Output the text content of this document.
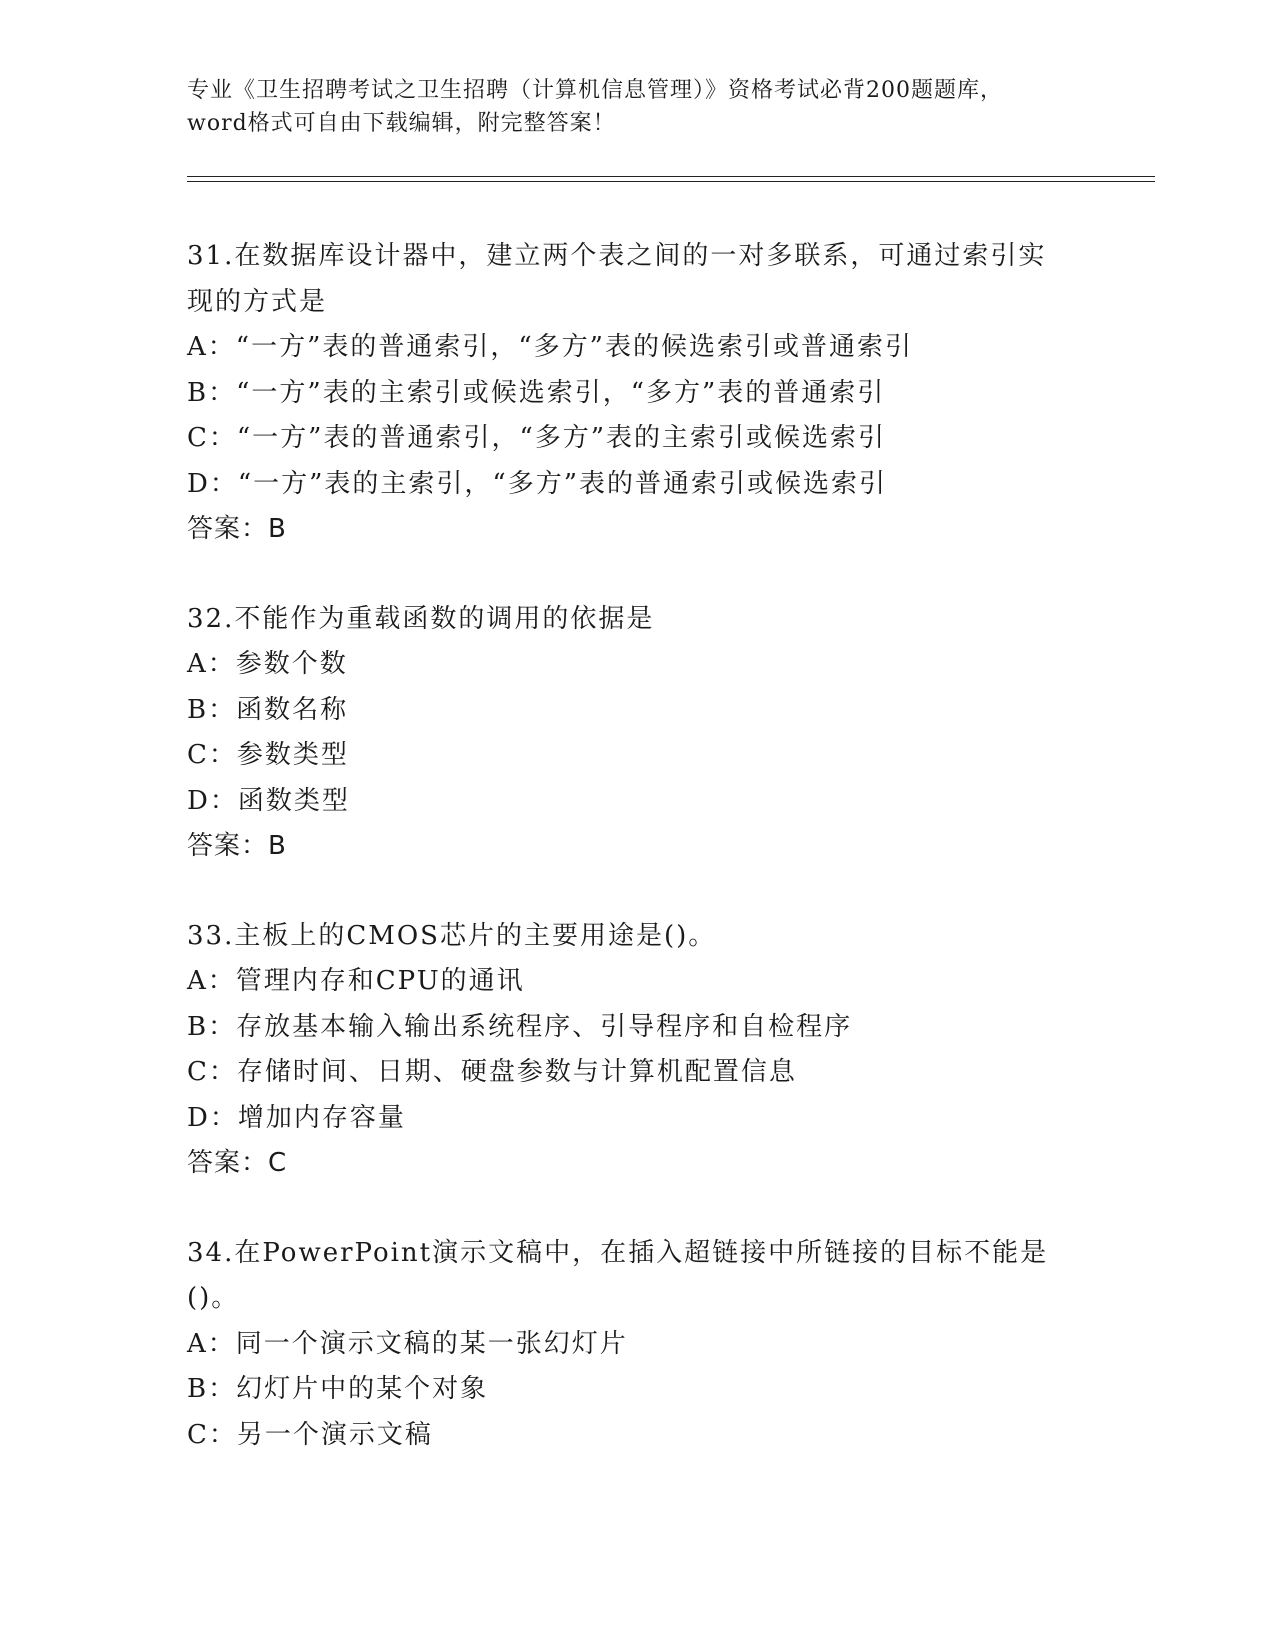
专业《卫生招聘考试之卫生招聘（计算机信息管理）》资格考试必背200题题库，
word格式可自由下载编辑，附完整答案！
31.在数据库设计器中，建立两个表之间的一对多联系，可通过索引实
现的方式是
A：“一方”表的普通索引，“多方”表的候选索引或普通索引
B：“一方”表的主索引或候选索引，“多方”表的普通索引
C：“一方”表的普通索引，“多方”表的主索引或候选索引
D：“一方”表的主索引，“多方”表的普通索引或候选索引
答案：B
32.不能作为重载函数的调用的依据是
A：参数个数
B：函数名称
C：参数类型
D：函数类型
答案：B
33.主板上的CMOS芯片的主要用途是()。
A：管理内存和CPU的通讯
B：存放基本输入输出系统程序、引导程序和自检程序
C：存储时间、日期、硬盘参数与计算机配置信息
D：增加内存容量
答案：C
34.在PowerPoint演示文稿中，在插入超链接中所链接的目标不能是
()。
A：同一个演示文稿的某一张幻灯片
B：幻灯片中的某个对象
C：另一个演示文稿
